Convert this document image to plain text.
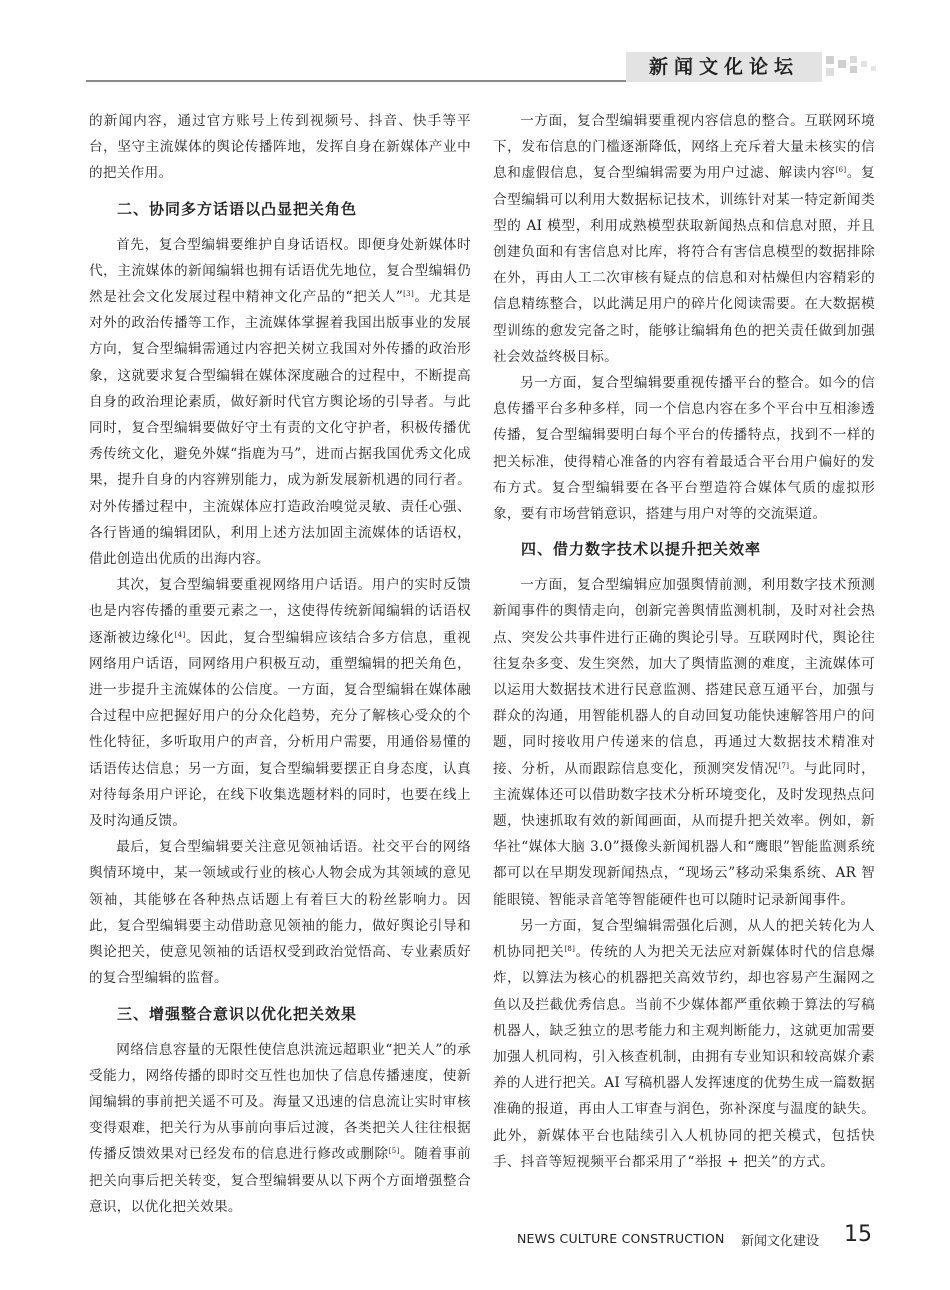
新闻文化论坛

的新闻内容，通过官方账号上传到视频号、抖音、快手等平台，坚守主流媒体的舆论传播阵地，发挥自身在新媒体产业中的把关作用。

二、协同多方话语以凸显把关角色

首先，复合型编辑要维护自身话语权。即便身处新媒体时代，主流媒体的新闻编辑也拥有话语优先地位，复合型编辑仍然是社会文化发展过程中精神文化产品的“把关人”[3]。尤其是对外的政治传播等工作，主流媒体掌握着我国出版事业的发展方向，复合型编辑需通过内容把关树立我国对外传播的政治形象，这就要求复合型编辑在媒体深度融合的过程中，不断提高自身的政治理论素质，做好新时代官方舆论场的引导者。与此同时，复合型编辑要做好守土有责的文化守护者，积极传播优秀传统文化，避免外媒“指鹿为马”，进而占据我国优秀文化成果，提升自身的内容辨别能力，成为新发展新机遇的同行者。对外传播过程中，主流媒体应打造政治嗅觉灵敏、责任心强、各行皆通的编辑团队，利用上述方法加固主流媒体的话语权，借此创造出优质的出海内容。

其次，复合型编辑要重视网络用户话语。用户的实时反馈也是内容传播的重要元素之一，这使得传统新闻编辑的话语权逐渐被边缘化[4]。因此，复合型编辑应该结合多方信息，重视网络用户话语，同网络用户积极互动，重塑编辑的把关角色，进一步提升主流媒体的公信度。一方面，复合型编辑在媒体融合过程中应把握好用户的分众化趋势，充分了解核心受众的个性化特征，多听取用户的声音，分析用户需要，用通俗易懂的话语传达信息；另一方面，复合型编辑要摆正自身态度，认真对待每条用户评论，在线下收集选题材料的同时，也要在线上及时沟通反馈。

最后，复合型编辑要关注意见领袖话语。社交平台的网络舆情环境中，某一领域或行业的核心人物会成为其领域的意见领袖，其能够在各种热点话题上有着巨大的粉丝影响力。因此，复合型编辑要主动借助意见领袖的能力，做好舆论引导和舆论把关，使意见领袖的话语权受到政治觉悟高、专业素质好的复合型编辑的监督。

三、增强整合意识以优化把关效果

网络信息容量的无限性使信息洪流远超职业“把关人”的承受能力，网络传播的即时交互性也加快了信息传播速度，使新闻编辑的事前把关遥不可及。海量又迅速的信息流让实时审核变得艰难，把关行为从事前向事后过渡，各类把关人往往根据传播反馈效果对已经发布的信息进行修改或删除[5]。随着事前把关向事后把关转变，复合型编辑要从以下两个方面增强整合意识，以优化把关效果。

一方面，复合型编辑要重视内容信息的整合。互联网环境下，发布信息的门槛逐渐降低，网络上充斥着大量未核实的信息和虚假信息，复合型编辑需要为用户过滤、解读内容[6]。复合型编辑可以利用大数据标记技术，训练针对某一特定新闻类型的 AI 模型，利用成熟模型获取新闻热点和信息对照，并且创建负面和有害信息对比库，将符合有害信息模型的数据排除在外，再由人工二次审核有疑点的信息和对枯燥但内容精彩的信息精练整合，以此满足用户的碎片化阅读需要。在大数据模型训练的愈发完备之时，能够让编辑角色的把关责任做到加强社会效益终极目标。

另一方面，复合型编辑要重视传播平台的整合。如今的信息传播平台多种多样，同一个信息内容在多个平台中互相渗透传播，复合型编辑要明白每个平台的传播特点，找到不一样的把关标准，使得精心准备的内容有着最适合平台用户偏好的发布方式。复合型编辑要在各平台塑造符合媒体气质的虚拟形象，要有市场营销意识，搭建与用户对等的交流渠道。

四、借力数字技术以提升把关效率

一方面，复合型编辑应加强舆情前测，利用数字技术预测新闻事件的舆情走向，创新完善舆情监测机制，及时对社会热点、突发公共事件进行正确的舆论引导。互联网时代，舆论往往复杂多变、发生突然，加大了舆情监测的难度，主流媒体可以运用大数据技术进行民意监测、搭建民意互通平台，加强与群众的沟通，用智能机器人的自动回复功能快速解答用户的问题，同时接收用户传递来的信息，再通过大数据技术精准对接、分析，从而跟踪信息变化，预测突发情况[7]。与此同时，主流媒体还可以借助数字技术分析环境变化，及时发现热点问题，快速抓取有效的新闻画面，从而提升把关效率。例如，新华社“媒体大脑 3.0”摄像头新闻机器人和“鹰眼”智能监测系统都可以在早期发现新闻热点，“现场云”移动采集系统、AR 智能眼镜、智能录音笔等智能硬件也可以随时记录新闻事件。

另一方面，复合型编辑需强化后测，从人的把关转化为人机协同把关[8]。传统的人为把关无法应对新媒体时代的信息爆炸，以算法为核心的机器把关高效节约，却也容易产生漏网之鱼以及拦截优秀信息。当前不少媒体都严重依赖于算法的写稿机器人，缺乏独立的思考能力和主观判断能力，这就更加需要加强人机同构，引入核查机制，由拥有专业知识和较高媒介素养的人进行把关。AI 写稿机器人发挥速度的优势生成一篇数据准确的报道，再由人工审查与润色，弥补深度与温度的缺失。此外，新媒体平台也陆续引入人机协同的把关模式，包括快手、抖音等短视频平台都采用了“举报 + 把关”的方式。

NEWS CULTURE CONSTRUCTION 新闻文化建设 15
